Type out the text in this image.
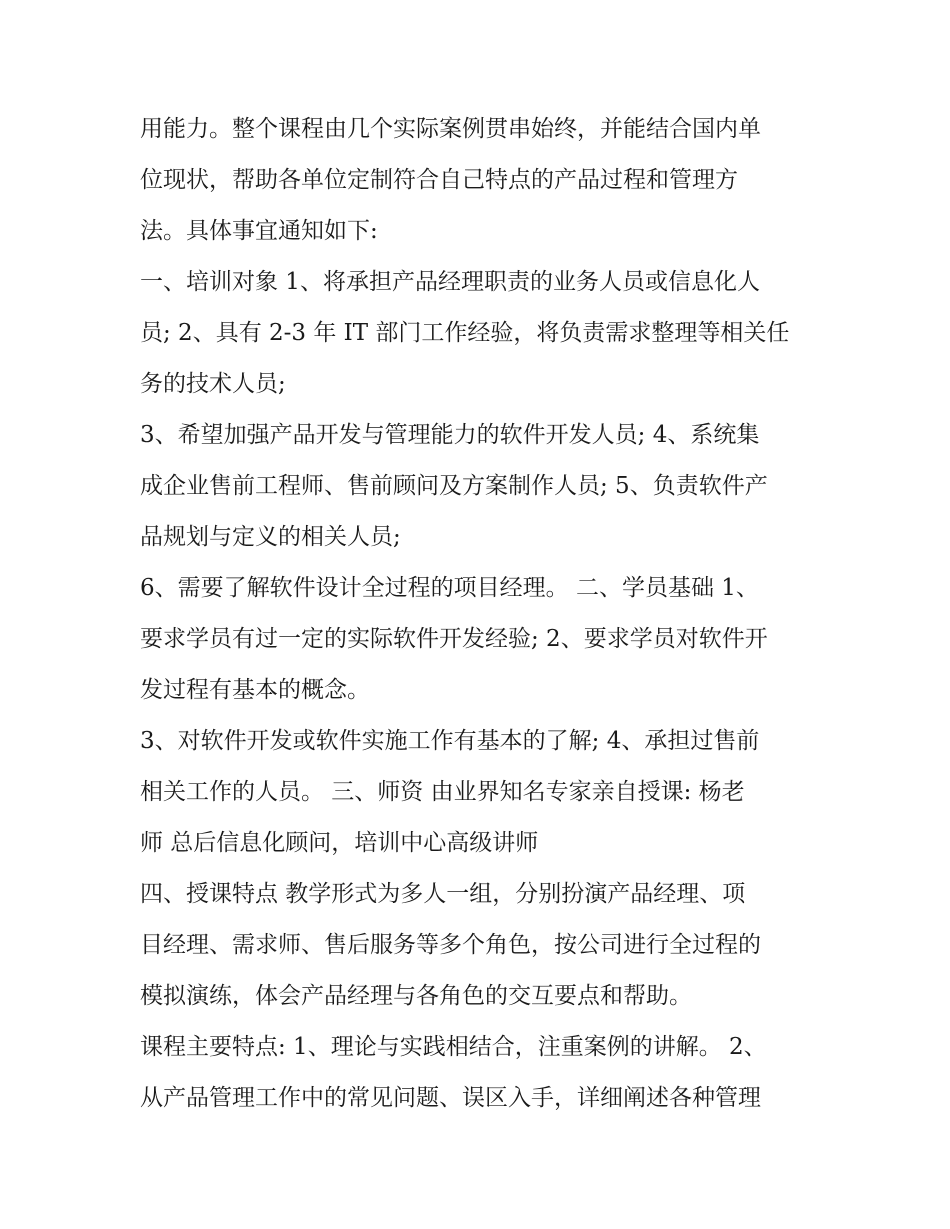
用能力。整个课程由几个实际案例贯串始终，并能结合国内单
位现状，帮助各单位定制符合自己特点的产品过程和管理方
法。具体事宜通知如下:
一、培训对象 1、将承担产品经理职责的业务人员或信息化人
员; 2、具有 2-3 年 IT 部门工作经验，将负责需求整理等相关任
务的技术人员;
3、希望加强产品开发与管理能力的软件开发人员; 4、系统集
成企业售前工程师、售前顾问及方案制作人员; 5、负责软件产
品规划与定义的相关人员;
6、需要了解软件设计全过程的项目经理。 二、学员基础 1、
要求学员有过一定的实际软件开发经验; 2、要求学员对软件开
发过程有基本的概念。
3、对软件开发或软件实施工作有基本的了解; 4、承担过售前
相关工作的人员。 三、师资 由业界知名专家亲自授课: 杨老
师 总后信息化顾问，培训中心高级讲师
四、授课特点 教学形式为多人一组，分别扮演产品经理、项
目经理、需求师、售后服务等多个角色，按公司进行全过程的
模拟演练，体会产品经理与各角色的交互要点和帮助。
课程主要特点: 1、理论与实践相结合，注重案例的讲解。 2、
从产品管理工作中的常见问题、误区入手，详细阐述各种管理
